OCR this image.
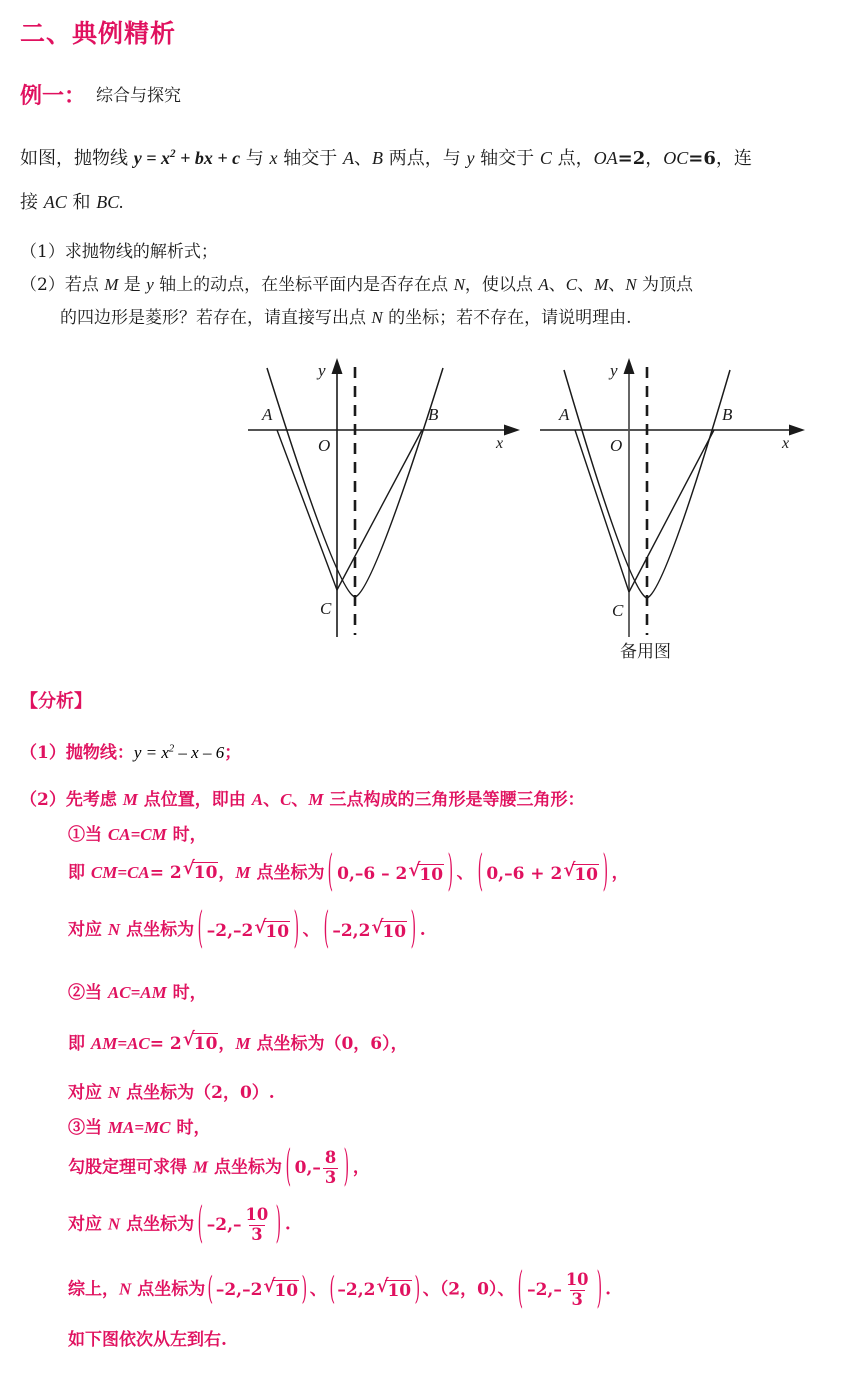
二、典例精析
例一： 综合与探究
如图，抛物线 $y = x^2$ + bx + c 与 x 轴交于 A、B 两点，与 y 轴交于 C 点，OA=2，OC=6，连
接 AC 和 BC.
（1）求抛物线的解析式；
（2）若点 M 是 y 轴上的动点，在坐标平面内是否存在点 N，使以点 A、C、M、N 为顶点
的四边形是菱形？若存在，请直接写出点 N 的坐标；若不存在，请说明理由.
A	B
O
C
x
y
A	B
O
C
x
y
备用图
【分析】
（1）抛物线：$y = x^2 - x - 6$；
（2）先考虑 M 点位置，即由 A、C、M 三点构成的三角形是等腰三角形：
①当 CA=CM 时，
即 CM=CA= 2 √
10，M 点坐标为 ( 0, –6 – 2 √
10 ) 、 ( 0, –6 + 2 √
10 ) ，
对应 N 点坐标为 ( –2, –2 √
10 ) 、 ( –2, 2 √
10 ) .
②当 AC=AM 时，
即 AM=AC= 2 √
10，M 点坐标为（0，6），
对应 N 点坐标为（2，0）.
③当 MA=MC 时，
勾股定理可求得 M 点坐标为 ( $0,- \frac{8}{3}$ ) ，
对应 N 点坐标为 ( $-2,- \frac{10}{3}$ ) .
综上，N 点坐标为 ( –2,–2 √
10 ) 、 ( –2,2 √
10 ) 、（2，0）、 ( $-2,- \frac{10}{3}$ ) .
如下图依次从左到右.
